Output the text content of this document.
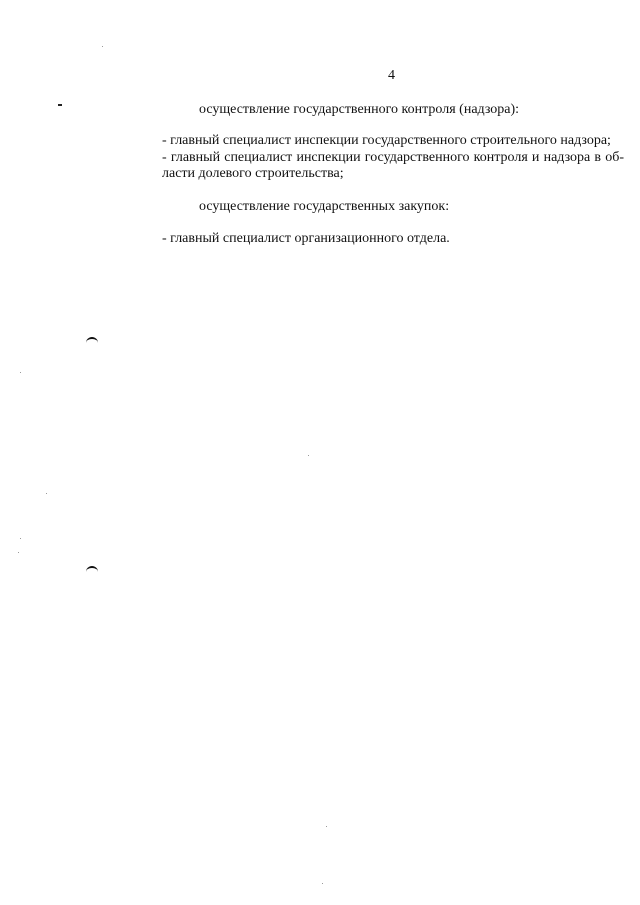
4
осуществление государственного контроля (надзора):
- главный специалист инспекции государственного строительного надзора;
- главный специалист инспекции государственного контроля и надзора в об-
ласти долевого строительства;
осуществление государственных закупок:
- главный специалист организационного отдела.
